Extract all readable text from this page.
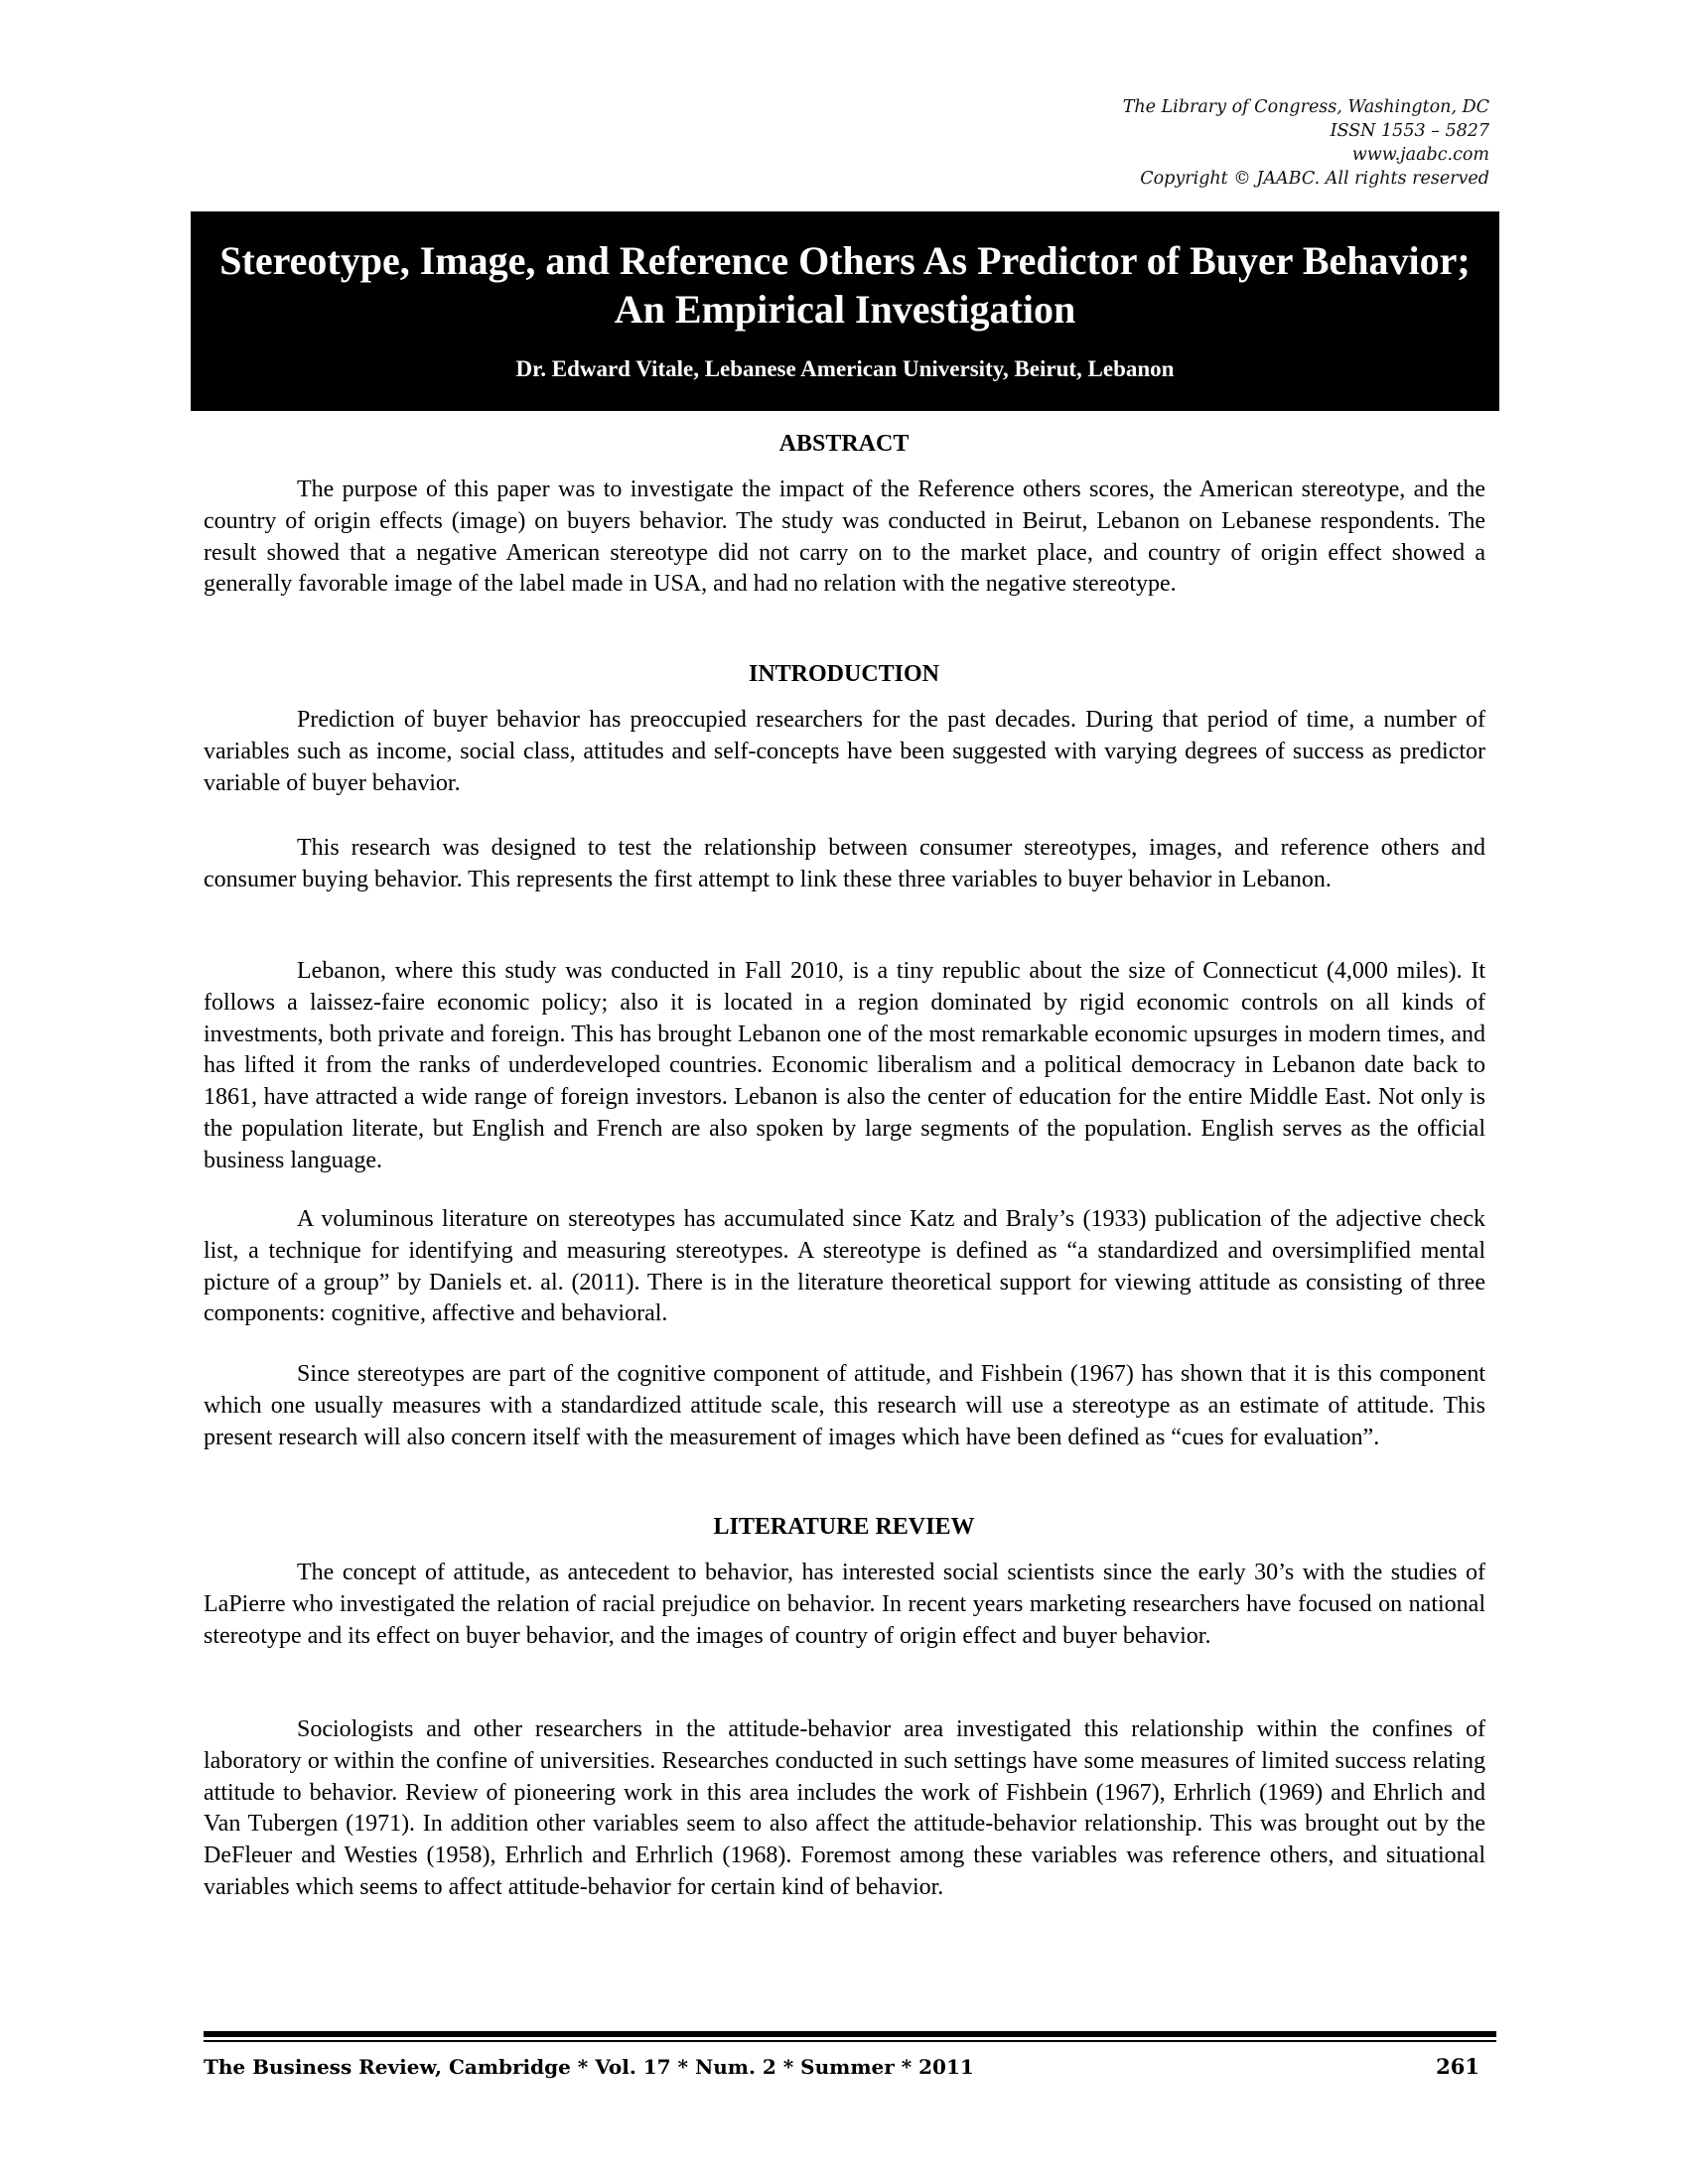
The Library of Congress, Washington, DC
ISSN 1553 – 5827
www.jaabc.com
Copyright © JAABC. All rights reserved
Stereotype, Image, and Reference Others As Predictor of Buyer Behavior; An Empirical Investigation
Dr. Edward Vitale, Lebanese American University, Beirut, Lebanon
ABSTRACT

The purpose of this paper was to investigate the impact of the Reference others scores, the American stereotype, and the country of origin effects (image) on buyers behavior. The study was conducted in Beirut, Lebanon on Lebanese respondents. The result showed that a negative American stereotype did not carry on to the market place, and country of origin effect showed a generally favorable image of the label made in USA, and had no relation with the negative stereotype.

INTRODUCTION

Prediction of buyer behavior has preoccupied researchers for the past decades. During that period of time, a number of variables such as income, social class, attitudes and self-concepts have been suggested with varying degrees of success as predictor variable of buyer behavior.

This research was designed to test the relationship between consumer stereotypes, images, and reference others and consumer buying behavior. This represents the first attempt to link these three variables to buyer behavior in Lebanon.

Lebanon, where this study was conducted in Fall 2010, is a tiny republic about the size of Connecticut (4,000 miles). It follows a laissez-faire economic policy; also it is located in a region dominated by rigid economic controls on all kinds of investments, both private and foreign. This has brought Lebanon one of the most remarkable economic upsurges in modern times, and has lifted it from the ranks of underdeveloped countries. Economic liberalism and a political democracy in Lebanon date back to 1861, have attracted a wide range of foreign investors. Lebanon is also the center of education for the entire Middle East. Not only is the population literate, but English and French are also spoken by large segments of the population. English serves as the official business language.

A voluminous literature on stereotypes has accumulated since Katz and Braly’s (1933) publication of the adjective check list, a technique for identifying and measuring stereotypes. A stereotype is defined as “a standardized and oversimplified mental picture of a group” by Daniels et. al. (2011). There is in the literature theoretical support for viewing attitude as consisting of three components: cognitive, affective and behavioral.

Since stereotypes are part of the cognitive component of attitude, and Fishbein (1967) has shown that it is this component which one usually measures with a standardized attitude scale, this research will use a stereotype as an estimate of attitude. This present research will also concern itself with the measurement of images which have been defined as “cues for evaluation”.

LITERATURE REVIEW

The concept of attitude, as antecedent to behavior, has interested social scientists since the early 30’s with the studies of LaPierre who investigated the relation of racial prejudice on behavior. In recent years marketing researchers have focused on national stereotype and its effect on buyer behavior, and the images of country of origin effect and buyer behavior.

Sociologists and other researchers in the attitude-behavior area investigated this relationship within the confines of laboratory or within the confine of universities. Researches conducted in such settings have some measures of limited success relating attitude to behavior. Review of pioneering work in this area includes the work of Fishbein (1967), Erhrlich (1969) and Ehrlich and Van Tubergen (1971). In addition other variables seem to also affect the attitude-behavior relationship. This was brought out by the DeFleuer and Westies (1958), Erhrlich and Erhrlich (1968). Foremost among these variables was reference others, and situational variables which seems to affect attitude-behavior for certain kind of behavior.

The Business Review, Cambridge * Vol. 17 * Num. 2 * Summer * 2011	261
